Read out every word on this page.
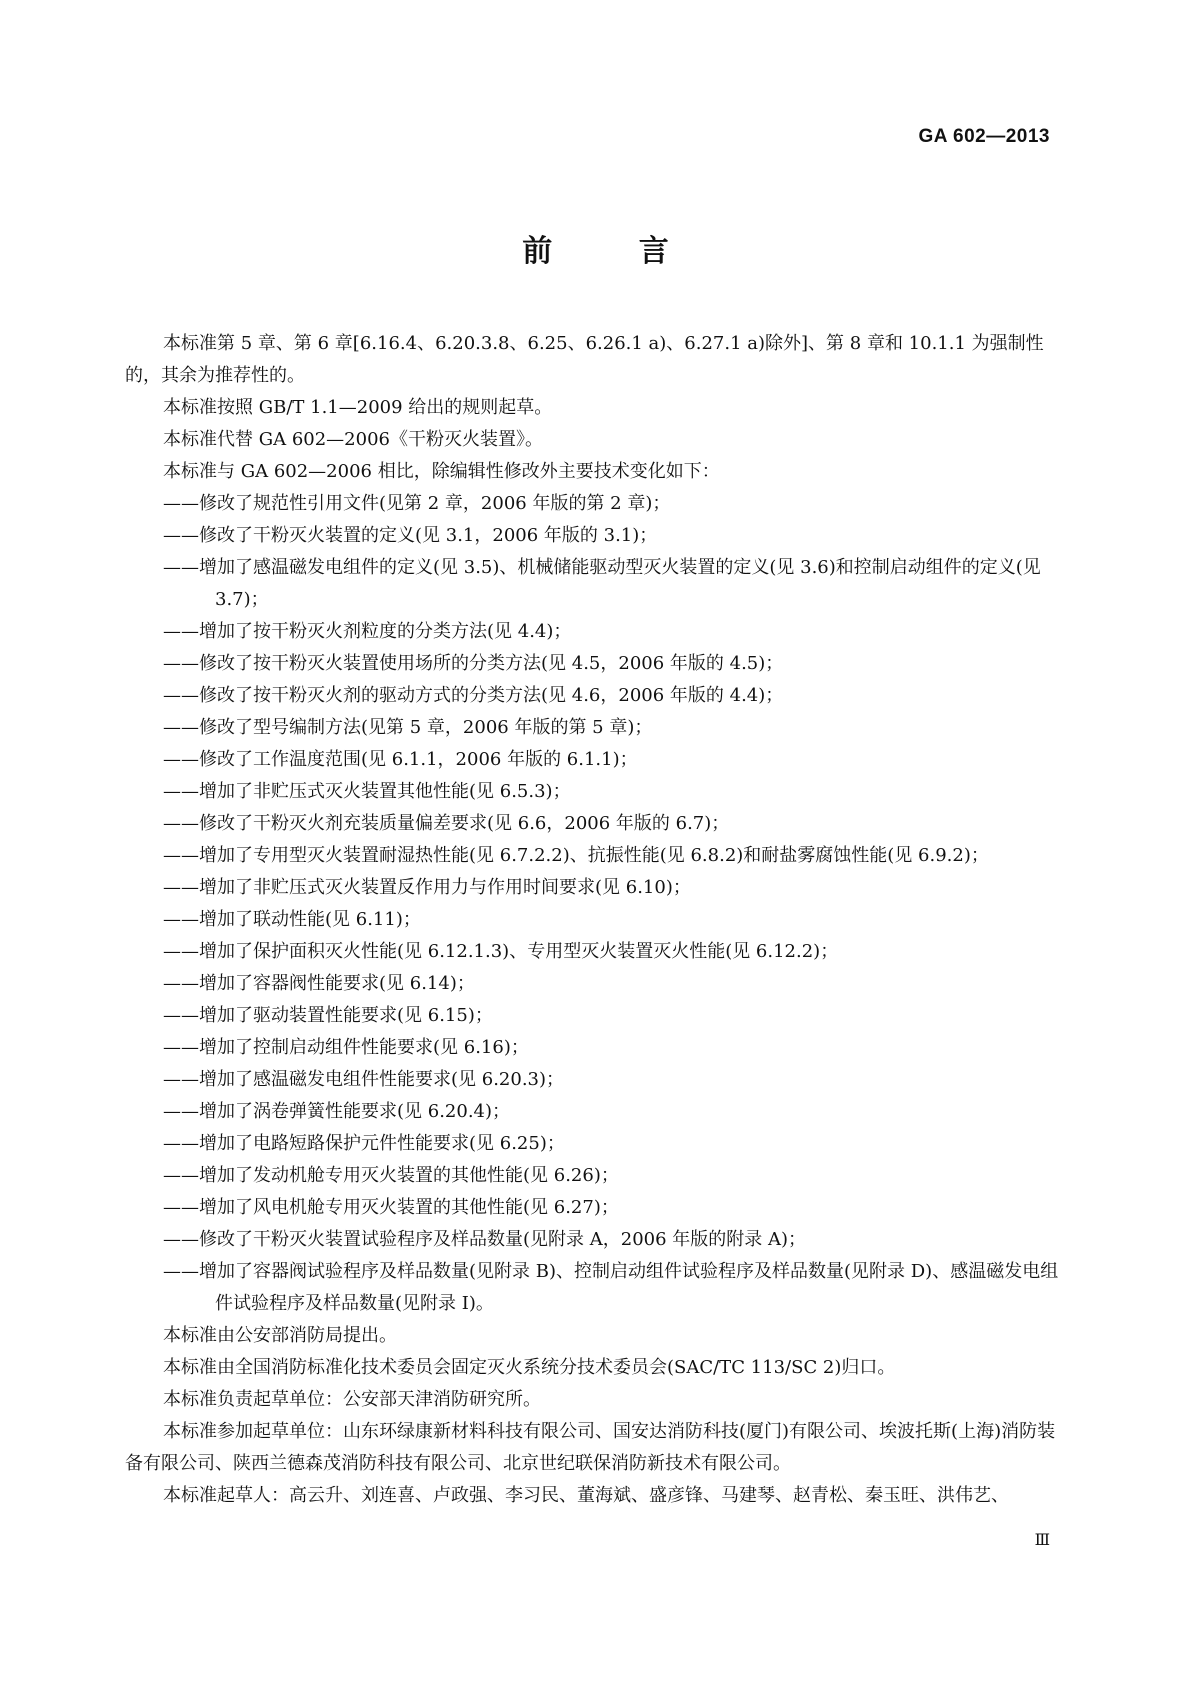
GA 602—2013
前 言

本标准第 5 章、第 6 章[6.16.4、6.20.3.8、6.25、6.26.1 a)、6.27.1 a)除外]、第 8 章和 10.1.1 为强制性的，其余为推荐性的。

本标准按照 GB/T 1.1—2009 给出的规则起草。

本标准代替 GA 602—2006《干粉灭火装置》。

本标准与 GA 602—2006 相比，除编辑性修改外主要技术变化如下：

——修改了规范性引用文件(见第 2 章，2006 年版的第 2 章)；

——修改了干粉灭火装置的定义(见 3.1，2006 年版的 3.1)；

——增加了感温磁发电组件的定义(见 3.5)、机械储能驱动型灭火装置的定义(见 3.6)和控制启动组件的定义(见 3.7)；

——增加了按干粉灭火剂粒度的分类方法(见 4.4)；

——修改了按干粉灭火装置使用场所的分类方法(见 4.5，2006 年版的 4.5)；

——修改了按干粉灭火剂的驱动方式的分类方法(见 4.6，2006 年版的 4.4)；

——修改了型号编制方法(见第 5 章，2006 年版的第 5 章)；

——修改了工作温度范围(见 6.1.1，2006 年版的 6.1.1)；

——增加了非贮压式灭火装置其他性能(见 6.5.3)；

——修改了干粉灭火剂充装质量偏差要求(见 6.6，2006 年版的 6.7)；

——增加了专用型灭火装置耐湿热性能(见 6.7.2.2)、抗振性能(见 6.8.2)和耐盐雾腐蚀性能(见 6.9.2)；

——增加了非贮压式灭火装置反作用力与作用时间要求(见 6.10)；

——增加了联动性能(见 6.11)；

——增加了保护面积灭火性能(见 6.12.1.3)、专用型灭火装置灭火性能(见 6.12.2)；

——增加了容器阀性能要求(见 6.14)；

——增加了驱动装置性能要求(见 6.15)；

——增加了控制启动组件性能要求(见 6.16)；

——增加了感温磁发电组件性能要求(见 6.20.3)；

——增加了涡卷弹簧性能要求(见 6.20.4)；

——增加了电路短路保护元件性能要求(见 6.25)；

——增加了发动机舱专用灭火装置的其他性能(见 6.26)；

——增加了风电机舱专用灭火装置的其他性能(见 6.27)；

——修改了干粉灭火装置试验程序及样品数量(见附录 A，2006 年版的附录 A)；

——增加了容器阀试验程序及样品数量(见附录 B)、控制启动组件试验程序及样品数量(见附录 D)、感温磁发电组件试验程序及样品数量(见附录 I)。

本标准由公安部消防局提出。

本标准由全国消防标准化技术委员会固定灭火系统分技术委员会(SAC/TC 113/SC 2)归口。

本标准负责起草单位：公安部天津消防研究所。

本标准参加起草单位：山东环绿康新材料科技有限公司、国安达消防科技(厦门)有限公司、埃波托斯(上海)消防装备有限公司、陕西兰德森茂消防科技有限公司、北京世纪联保消防新技术有限公司。

本标准起草人：高云升、刘连喜、卢政强、李习民、董海斌、盛彦锋、马建琴、赵青松、秦玉旺、洪伟艺、

Ⅲ
